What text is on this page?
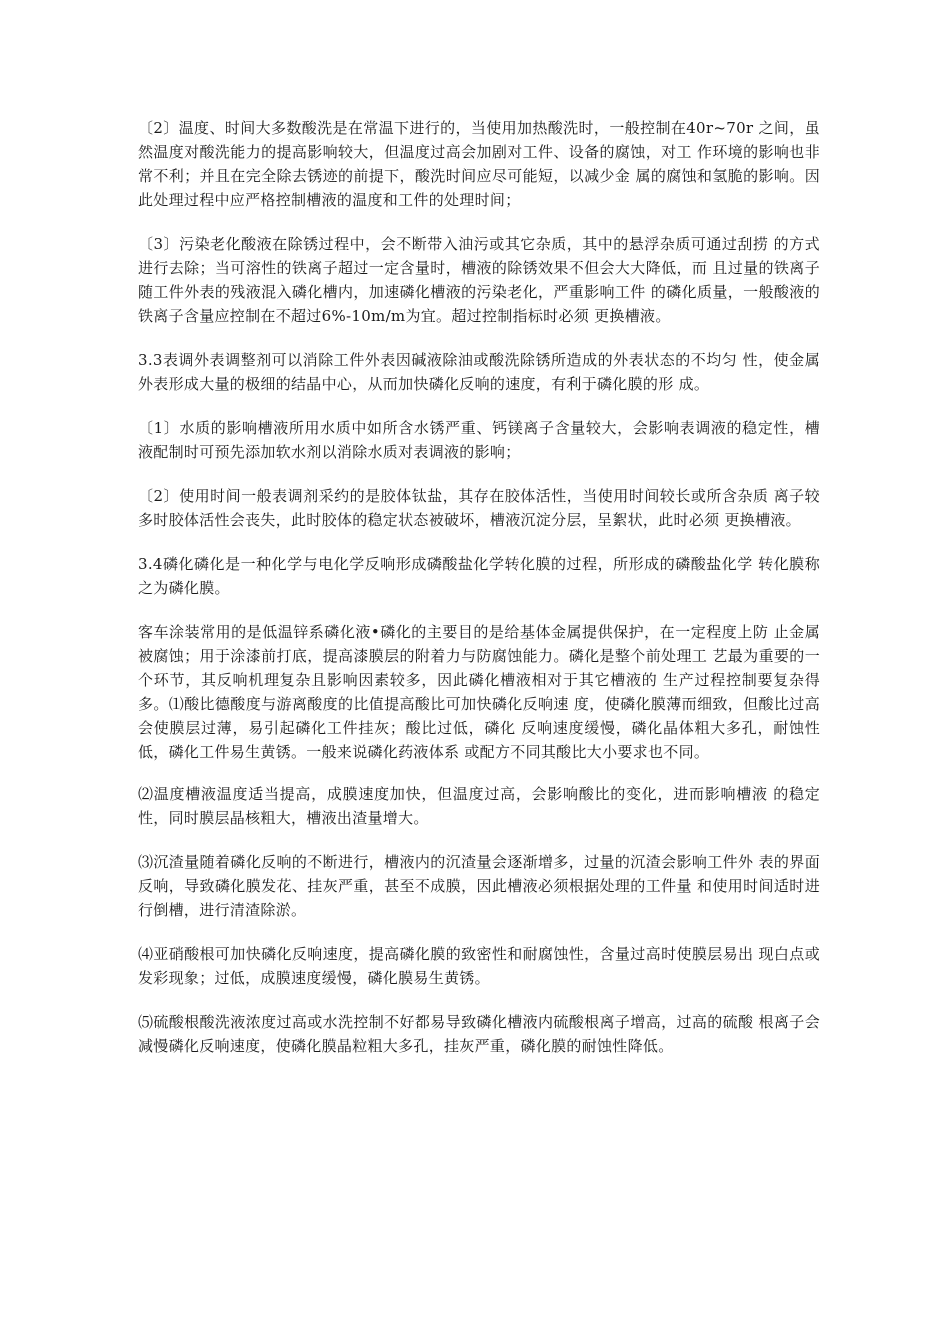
〔2〕温度、时间大多数酸洗是在常温下进行的，当使用加热酸洗时，一般控制在40r~70r 之间，虽然温度对酸洗能力的提高影响较大，但温度过高会加剧对工件、设备的腐蚀，对工 作环境的影响也非常不利；并且在完全除去锈迹的前提下，酸洗时间应尽可能短，以减少金 属的腐蚀和氢脆的影响。因此处理过程中应严格控制槽液的温度和工件的处理时间；

〔3〕污染老化酸液在除锈过程中，会不断带入油污或其它杂质，其中的悬浮杂质可通过刮捞 的方式进行去除；当可溶性的铁离子超过一定含量时，槽液的除锈效果不但会大大降低，而 且过量的铁离子随工件外表的残液混入磷化槽内，加速磷化槽液的污染老化，严重影响工件 的磷化质量，一般酸液的铁离子含量应控制在不超过6%-10m/m为宜。超过控制指标时必须 更换槽液。

3.3表调外表调整剂可以消除工件外表因碱液除油或酸洗除锈所造成的外表状态的不均匀 性，使金属外表形成大量的极细的结晶中心，从而加快磷化反响的速度，有利于磷化膜的形 成。

〔1〕水质的影响槽液所用水质中如所含水锈严重、钙镁离子含量较大，会影响表调液的稳定性，槽液配制时可预先添加软水剂以消除水质对表调液的影响；

〔2〕使用时间一般表调剂采约的是胶体钛盐，其存在胶体活性，当使用时间较长或所含杂质 离子较多时胶体活性会丧失，此时胶体的稳定状态被破坏，槽液沉淀分层，呈絮状，此时必须 更换槽液。

3.4磷化磷化是一种化学与电化学反响形成磷酸盐化学转化膜的过程，所形成的磷酸盐化学 转化膜称之为磷化膜。

客车涂装常用的是低温锌系磷化液•磷化的主要目的是给基体金属提供保护，在一定程度上防 止金属被腐蚀；用于涂漆前打底，提高漆膜层的附着力与防腐蚀能力。磷化是整个前处理工 艺最为重要的一个环节，其反响机理复杂且影响因素较多，因此磷化槽液相对于其它槽液的 生产过程控制要复杂得多。⑴酸比德酸度与游离酸度的比值提高酸比可加快磷化反响速 度，使磷化膜薄而细致，但酸比过高会使膜层过薄，易引起磷化工件挂灰；酸比过低，磷化 反响速度缓慢，磷化晶体粗大多孔，耐蚀性低，磷化工件易生黄锈。一般来说磷化药液体系 或配方不同其酸比大小要求也不同。

⑵温度槽液温度适当提高，成膜速度加快，但温度过高，会影响酸比的变化，进而影响槽液 的稳定性，同时膜层晶核粗大，槽液出渣量增大。

⑶沉渣量随着磷化反响的不断进行，槽液内的沉渣量会逐渐增多，过量的沉渣会影响工件外 表的界面反响，导致磷化膜发花、挂灰严重，甚至不成膜，因此槽液必须根据处理的工件量 和使用时间适时进行倒槽，进行清渣除淤。

⑷亚硝酸根可加快磷化反响速度，提高磷化膜的致密性和耐腐蚀性，含量过高时使膜层易出 现白点或发彩现象；过低，成膜速度缓慢，磷化膜易生黄锈。

⑸硫酸根酸洗液浓度过高或水洗控制不好都易导致磷化槽液内硫酸根离子增高，过高的硫酸 根离子会减慢磷化反响速度，使磷化膜晶粒粗大多孔，挂灰严重，磷化膜的耐蚀性降低。
